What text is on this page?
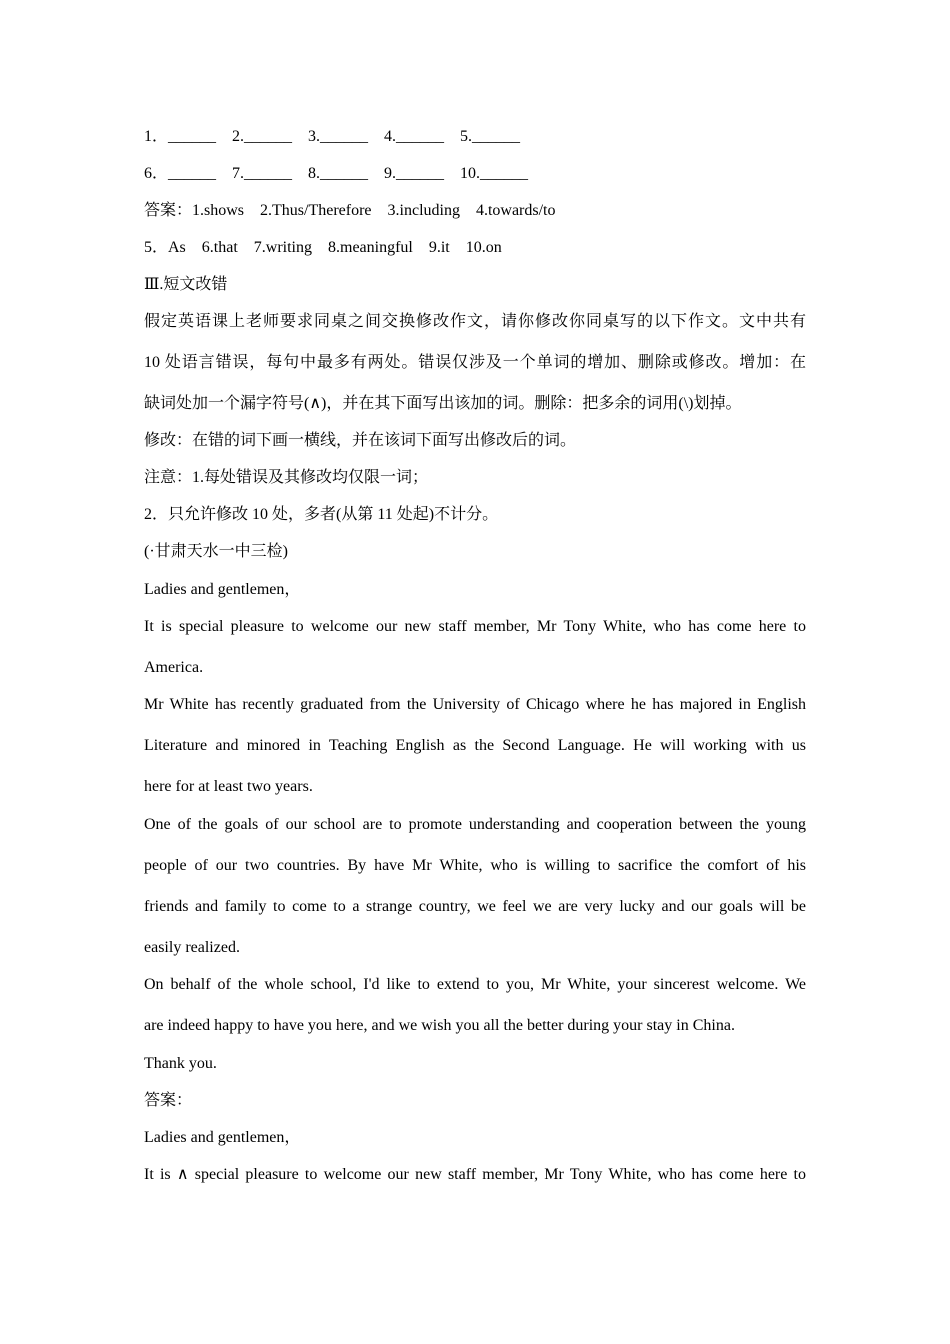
1．______    2.______    3.______    4.______    5.______
6．______    7.______    8.______    9.______    10.______
答案：1.shows    2.Thus/Therefore    3.including    4.towards/to
5．As    6.that    7.writing    8.meaningful    9.it    10.on
Ⅲ.短文改错
假定英语课上老师要求同桌之间交换修改作文，请你修改你同桌写的以下作文。文中共有
10 处语言错误，每句中最多有两处。错误仅涉及一个单词的增加、删除或修改。增加：在
缺词处加一个漏字符号(∧)，并在其下面写出该加的词。删除：把多余的词用(\)划掉。
修改：在错的词下画一横线，并在该词下面写出修改后的词。
注意：1.每处错误及其修改均仅限一词；
2．只允许修改 10 处，多者(从第 11 处起)不计分。
(·甘肃天水一中三检)
Ladies and gentlemen，
It is special pleasure to welcome our new staff member, Mr Tony White, who has come here to
America.
Mr White has recently graduated from the University of Chicago where he has majored in English
Literature and minored in Teaching English as the Second Language. He will working with us
here for at least two years.
One of the goals of our school are to promote understanding and cooperation between the young
people of our two countries. By have Mr White, who is willing to sacrifice the comfort of his
friends and family to come to a strange country, we feel we are very lucky and our goals will be
easily realized.
On behalf of the whole school, I'd like to extend to you, Mr White, your sincerest welcome. We
are indeed happy to have you here, and we wish you all the better during your stay in China.
Thank you.
答案：
Ladies and gentlemen，
It is ∧ special pleasure to welcome our new staff member, Mr Tony White, who has come here to
